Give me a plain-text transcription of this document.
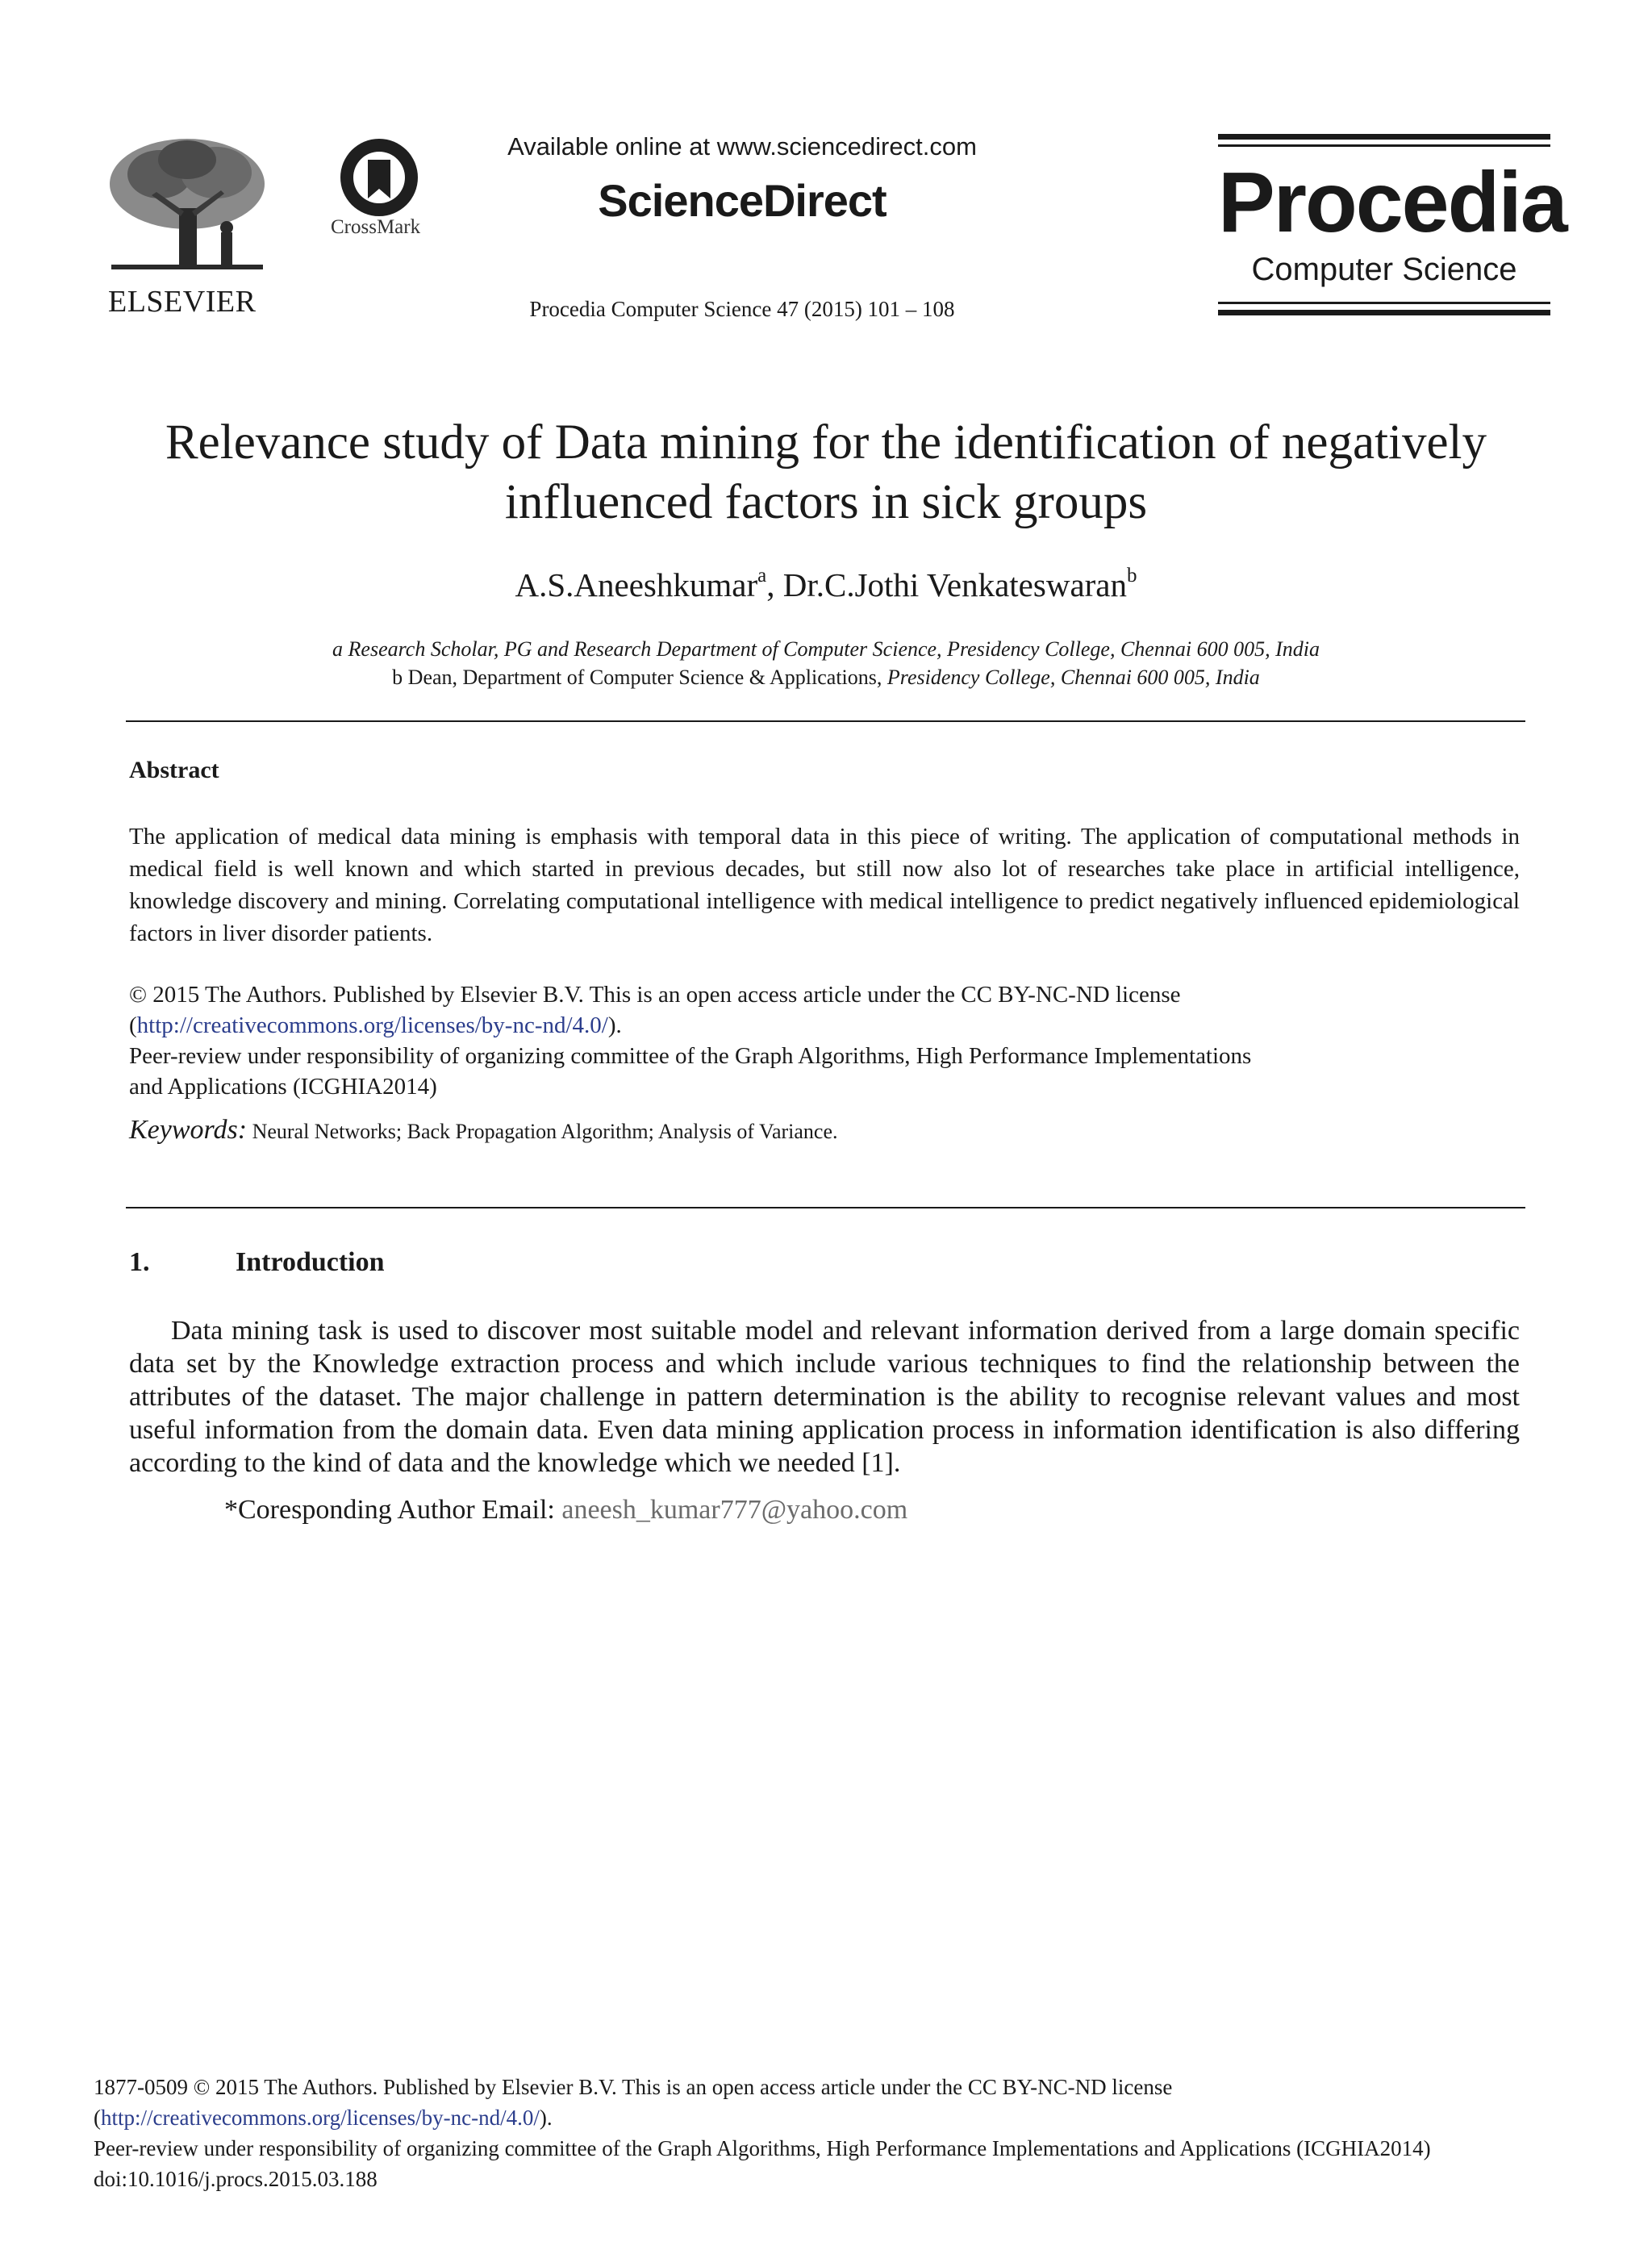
ELSEVIER
CrossMark
Available online at www.sciencedirect.com
ScienceDirect
Procedia Computer Science 47 (2015) 101 – 108
Procedia
Computer Science
Relevance study of Data mining for the identification of negatively
influenced factors in sick groups
A.S.Aneeshkumar$^a$, Dr.C.Jothi Venkateswaran$^b$
a Research Scholar, PG and Research Department of Computer Science, Presidency College, Chennai 600 005, India
b Dean, Department of Computer Science & Applications, Presidency College, Chennai 600 005, India
Abstract
The application of medical data mining is emphasis with temporal data in this piece of writing. The application of computational methods in medical field is well known and which started in previous decades, but still now also lot of researches take place in artificial intelligence, knowledge discovery and mining. Correlating computational intelligence with medical intelligence to predict negatively influenced epidemiological factors in liver disorder patients.
© 2015 The Authors. Published by Elsevier B.V. This is an open access article under the CC BY-NC-ND license
(http://creativecommons.org/licenses/by-nc-nd/4.0/).
Peer-review under responsibility of organizing committee of the Graph Algorithms, High Performance Implementations
and Applications (ICGHIA2014)
Keywords: Neural Networks; Back Propagation Algorithm; Analysis of Variance.
1.	Introduction

Data mining task is used to discover most suitable model and relevant information derived from a large domain specific data set by the Knowledge extraction process and which include various techniques to find the relationship between the attributes of the dataset. The major challenge in pattern determination is the ability to recognise relevant values and most useful information from the domain data. Even data mining application process in information identification is also differing according to the kind of data and the knowledge which we needed [1].

*Coresponding Author Email: aneesh_kumar777@yahoo.com
1877-0509 © 2015 The Authors. Published by Elsevier B.V. This is an open access article under the CC BY-NC-ND license
(http://creativecommons.org/licenses/by-nc-nd/4.0/).
Peer-review under responsibility of organizing committee of the Graph Algorithms, High Performance Implementations and Applications (ICGHIA2014)
doi:10.1016/j.procs.2015.03.188
